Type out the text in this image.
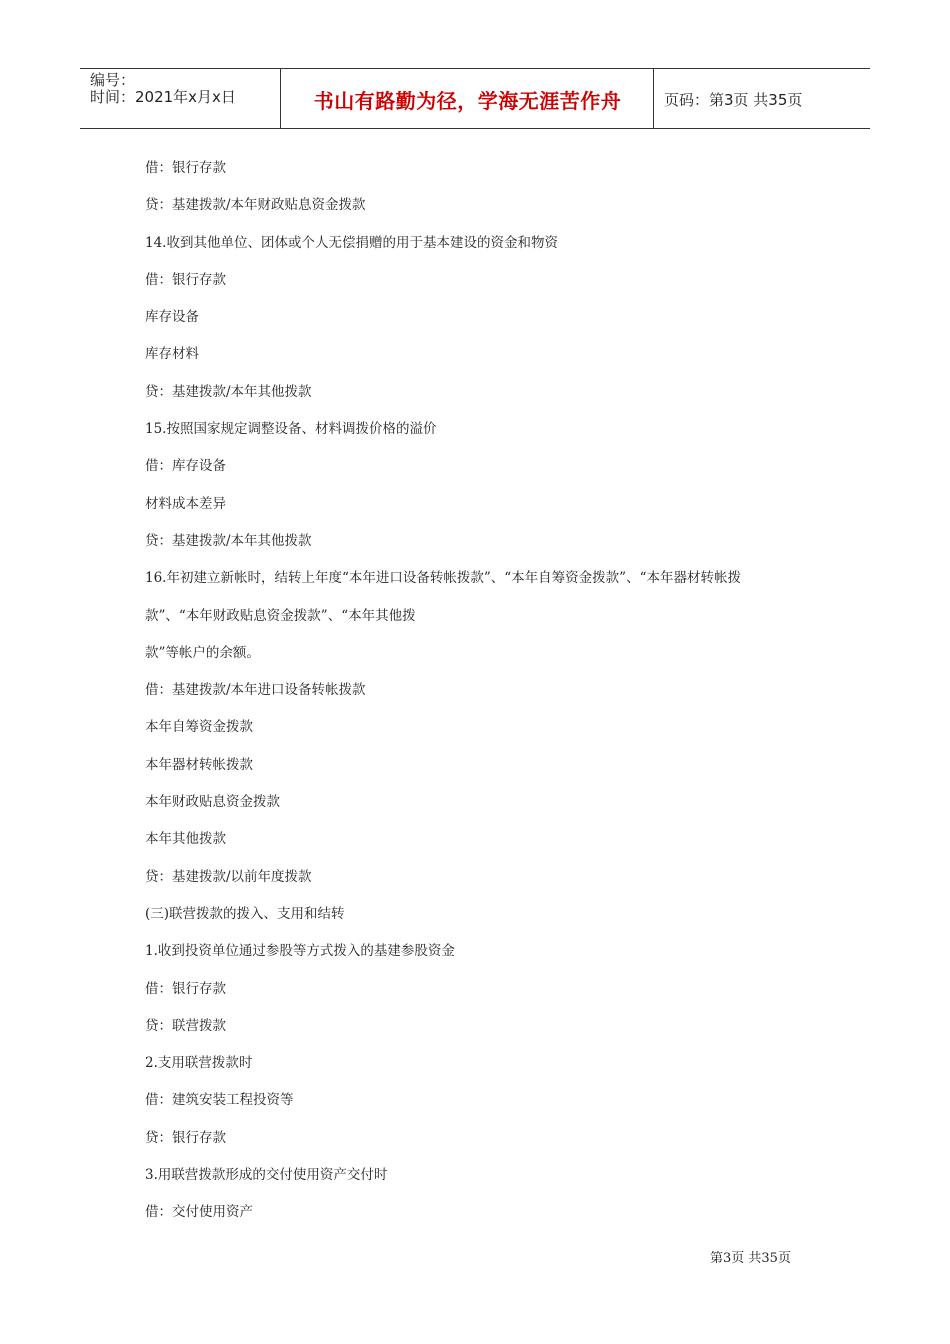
编号：
时间：2021年x月x日	书山有路勤为径，学海无涯苦作舟	页码：第3页 共35页
借：银行存款
贷：基建拨款/本年财政贴息资金拨款
14.收到其他单位、团体或个人无偿捐赠的用于基本建设的资金和物资
借：银行存款
库存设备
库存材料
贷：基建拨款/本年其他拨款
15.按照国家规定调整设备、材料调拨价格的溢价
借：库存设备
材料成本差异
贷：基建拨款/本年其他拨款
16.年初建立新帐时，结转上年度“本年进口设备转帐拨款”、“本年自筹资金拨款”、“本年器材转帐拨
款”、“本年财政贴息资金拨款”、“本年其他拨
款”等帐户的余额。
借：基建拨款/本年进口设备转帐拨款
本年自筹资金拨款
本年器材转帐拨款
本年财政贴息资金拨款
本年其他拨款
贷：基建拨款/以前年度拨款
(三)联营拨款的拨入、支用和结转
1.收到投资单位通过参股等方式拨入的基建参股资金
借：银行存款
贷：联营拨款
2.支用联营拨款时
借：建筑安装工程投资等
贷：银行存款
3.用联营拨款形成的交付使用资产交付时
借：交付使用资产
第3页 共35页
